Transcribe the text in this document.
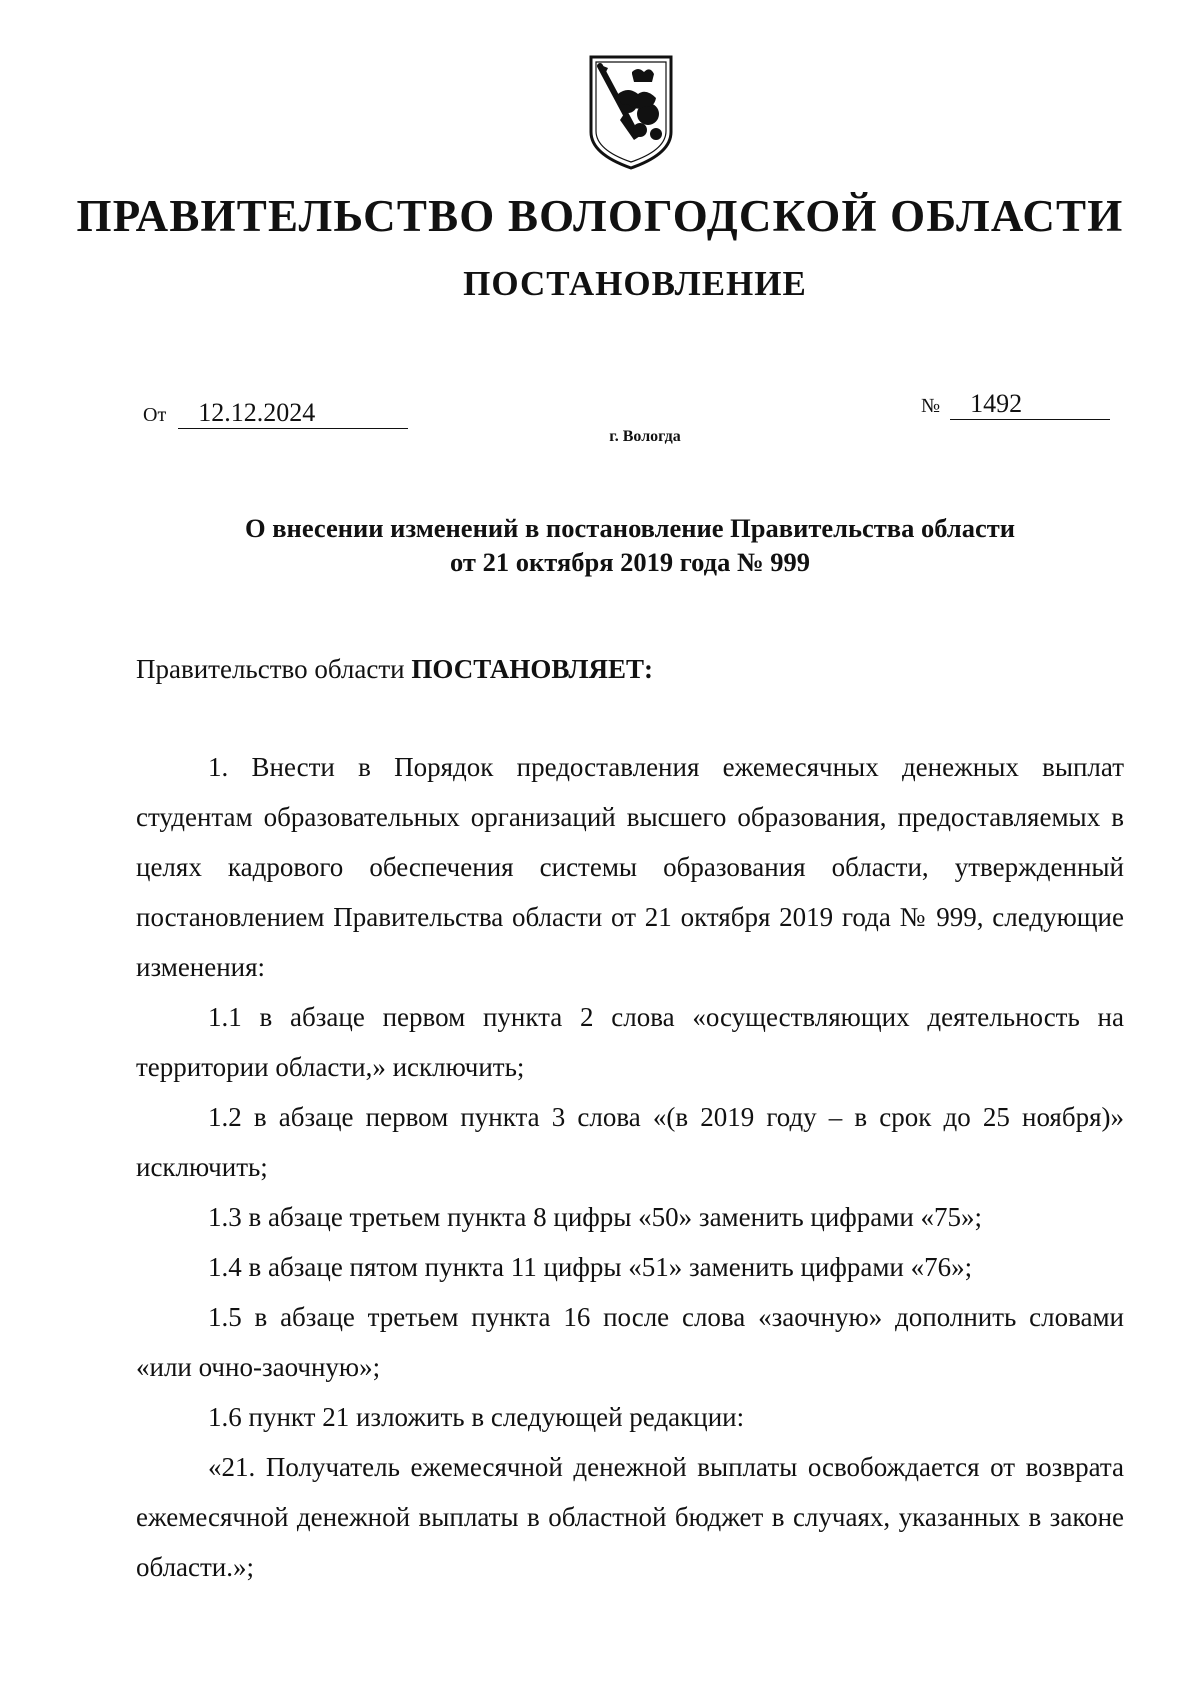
ПРАВИТЕЛЬСТВО ВОЛОГОДСКОЙ ОБЛАСТИ
ПОСТАНОВЛЕНИЕ
От 12.12.2024	№ 1492
г. Вологда
О внесении изменений в постановление Правительства области
от 21 октября 2019 года № 999
Правительство области ПОСТАНОВЛЯЕТ:

1. Внести в Порядок предоставления ежемесячных денежных выплат студентам образовательных организаций высшего образования, предоставляемых в целях кадрового обеспечения системы образования области, утвержденный постановлением Правительства области от 21 октября 2019 года № 999, следующие изменения:

1.1 в абзаце первом пункта 2 слова «осуществляющих деятельность на территории области,» исключить;

1.2 в абзаце первом пункта 3 слова «(в 2019 году – в срок до 25 ноября)» исключить;

1.3 в абзаце третьем пункта 8 цифры «50» заменить цифрами «75»;

1.4 в абзаце пятом пункта 11 цифры «51» заменить цифрами «76»;

1.5 в абзаце третьем пункта 16 после слова «заочную» дополнить словами «или очно-заочную»;

1.6 пункт 21 изложить в следующей редакции:

«21. Получатель ежемесячной денежной выплаты освобождается от возврата ежемесячной денежной выплаты в областной бюджет в случаях, указанных в законе области.»;
